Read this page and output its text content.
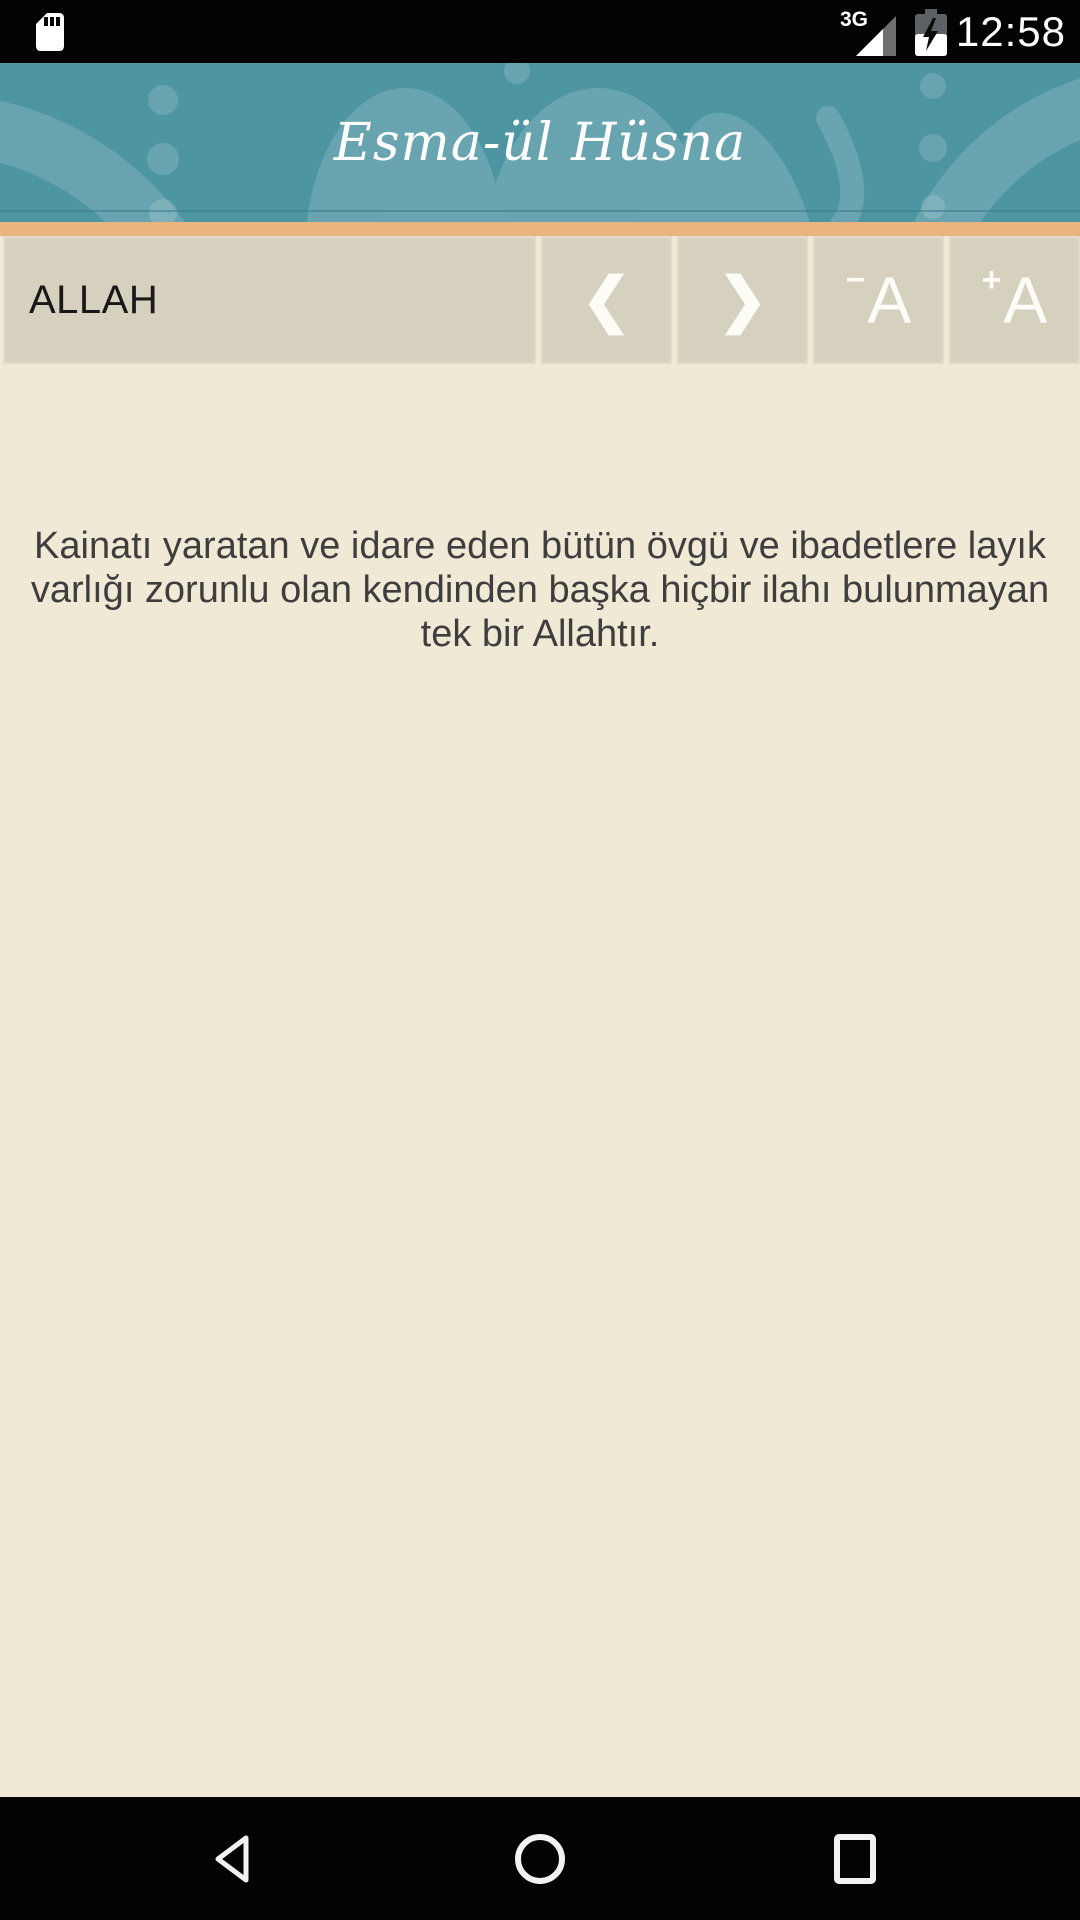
3G 12:58
Esma-ül Hüsna
ALLAH	❮ ❯ − A + A
Kainatı yaratan ve idare eden bütün övgü ve ibadetlere layık
varlığı zorunlu olan kendinden başka hiçbir ilahı bulunmayan
tek bir Allahtır.
